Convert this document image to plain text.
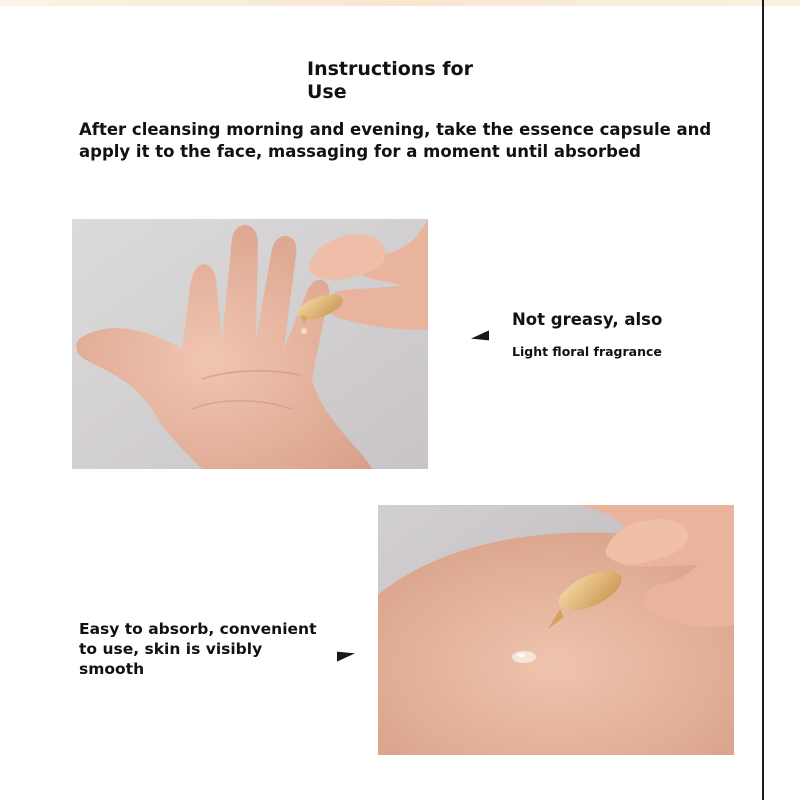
Instructions for Use

After cleansing morning and evening, take the essence capsule and apply it to the face, massaging for a moment until absorbed

Not greasy, also

Light floral fragrance

Easy to absorb, convenient to use, skin is visibly smooth
